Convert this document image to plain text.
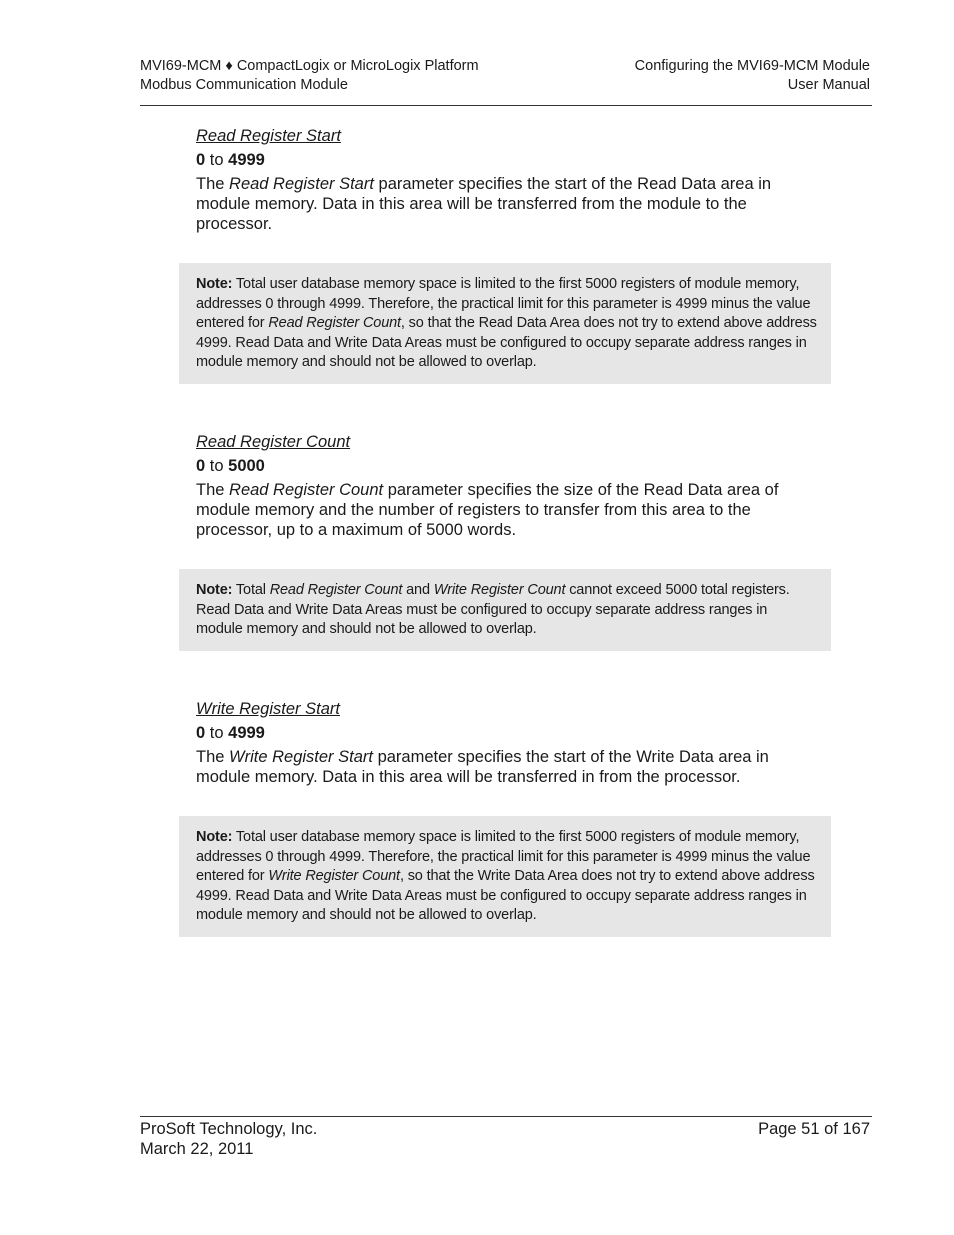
MVI69-MCM ♦ CompactLogix or MicroLogix Platform
Modbus Communication Module
Configuring the MVI69-MCM Module
User Manual

Read Register Start

0 to 4999

The Read Register Start parameter specifies the start of the Read Data area in module memory. Data in this area will be transferred from the module to the processor.

Note: Total user database memory space is limited to the first 5000 registers of module memory, addresses 0 through 4999. Therefore, the practical limit for this parameter is 4999 minus the value entered for Read Register Count, so that the Read Data Area does not try to extend above address 4999. Read Data and Write Data Areas must be configured to occupy separate address ranges in module memory and should not be allowed to overlap.

Read Register Count

0 to 5000

The Read Register Count parameter specifies the size of the Read Data area of module memory and the number of registers to transfer from this area to the processor, up to a maximum of 5000 words.

Note: Total Read Register Count and Write Register Count cannot exceed 5000 total registers. Read Data and Write Data Areas must be configured to occupy separate address ranges in module memory and should not be allowed to overlap.

Write Register Start

0 to 4999

The Write Register Start parameter specifies the start of the Write Data area in module memory. Data in this area will be transferred in from the processor.

Note: Total user database memory space is limited to the first 5000 registers of module memory, addresses 0 through 4999. Therefore, the practical limit for this parameter is 4999 minus the value entered for Write Register Count, so that the Write Data Area does not try to extend above address 4999. Read Data and Write Data Areas must be configured to occupy separate address ranges in module memory and should not be allowed to overlap.
ProSoft Technology, Inc.
March 22, 2011
Page 51 of 167
